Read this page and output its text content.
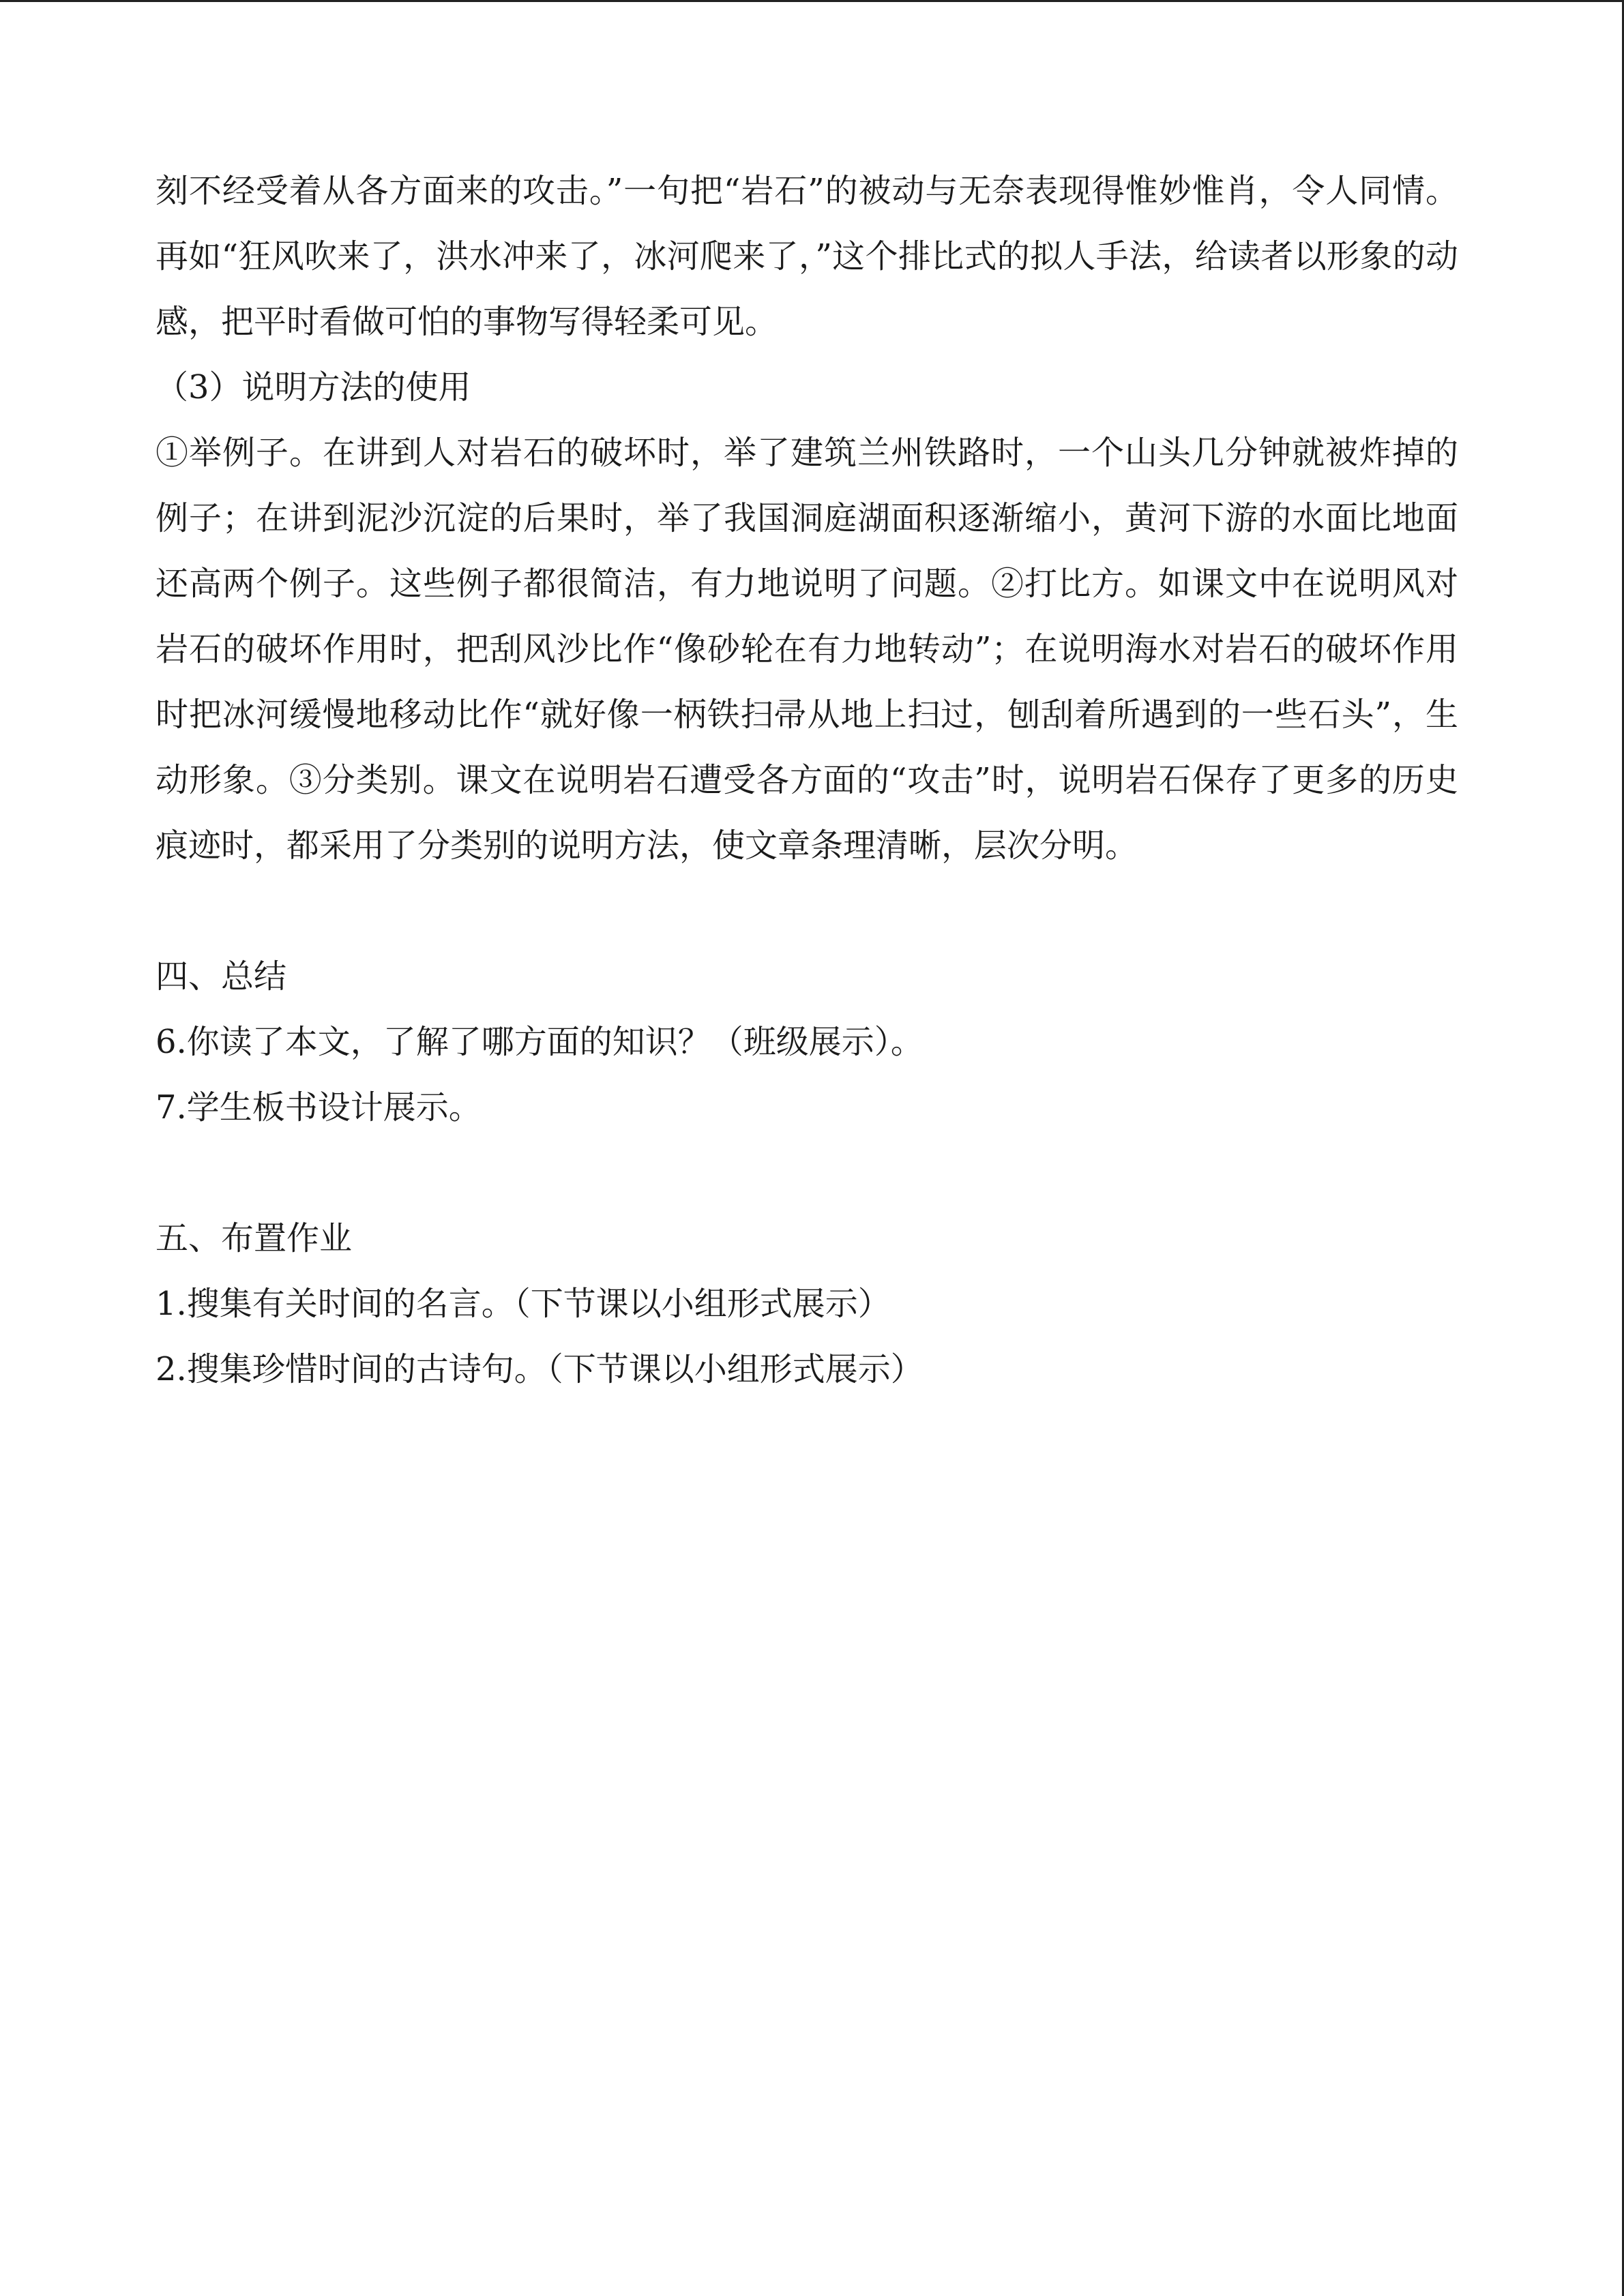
刻不经受着从各方面来的攻击。”一句把“岩石”的被动与无奈表现得惟妙惟肖，令人同情。再如“狂风吹来了，洪水冲来了，冰河爬来了，”这个排比式的拟人手法，给读者以形象的动感，把平时看做可怕的事物写得轻柔可见。

（3）说明方法的使用

①举例子。在讲到人对岩石的破坏时，举了建筑兰州铁路时，一个山头几分钟就被炸掉的例子；在讲到泥沙沉淀的后果时，举了我国洞庭湖面积逐渐缩小，黄河下游的水面比地面还高两个例子。这些例子都很简洁，有力地说明了问题。②打比方。如课文中在说明风对岩石的破坏作用时，把刮风沙比作“像砂轮在有力地转动”；在说明海水对岩石的破坏作用时把冰河缓慢地移动比作“就好像一柄铁扫帚从地上扫过，刨刮着所遇到的一些石头”，生动形象。③分类别。课文在说明岩石遭受各方面的“攻击”时，说明岩石保存了更多的历史痕迹时，都采用了分类别的说明方法，使文章条理清晰，层次分明。

四、总结

6.你读了本文，了解了哪方面的知识？（班级展示）。

7.学生板书设计展示。

五、布置作业

1.搜集有关时间的名言。（下节课以小组形式展示）

2.搜集珍惜时间的古诗句。（下节课以小组形式展示）
